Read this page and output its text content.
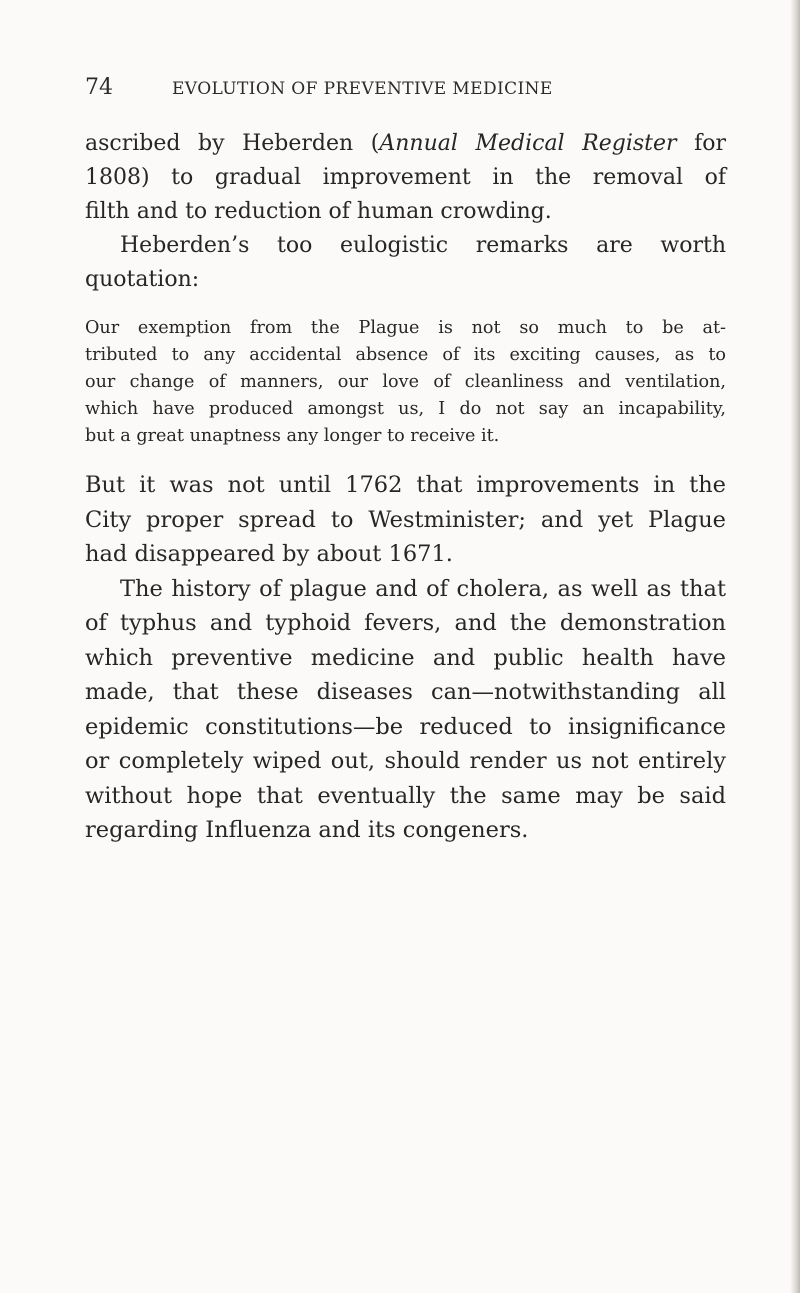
74	EVOLUTION OF PREVENTIVE MEDICINE

ascribed by Heberden (Annual Medical Register for
1808) to gradual improvement in the removal of
filth and to reduction of human crowding.

Heberden’s too eulogistic remarks are worth
quotation:

Our exemption from the Plague is not so much to be at-
tributed to any accidental absence of its exciting causes, as to
our change of manners, our love of cleanliness and ventilation,
which have produced amongst us, I do not say an incapability,
but a great unaptness any longer to receive it.

But it was not until 1762 that improvements in the
City proper spread to Westminister; and yet Plague
had disappeared by about 1671.

The history of plague and of cholera, as well as that
of typhus and typhoid fevers, and the demonstration
which preventive medicine and public health have
made, that these diseases can—notwithstanding all
epidemic constitutions—be reduced to insignificance
or completely wiped out, should render us not entirely
without hope that eventually the same may be said
regarding Influenza and its congeners.
